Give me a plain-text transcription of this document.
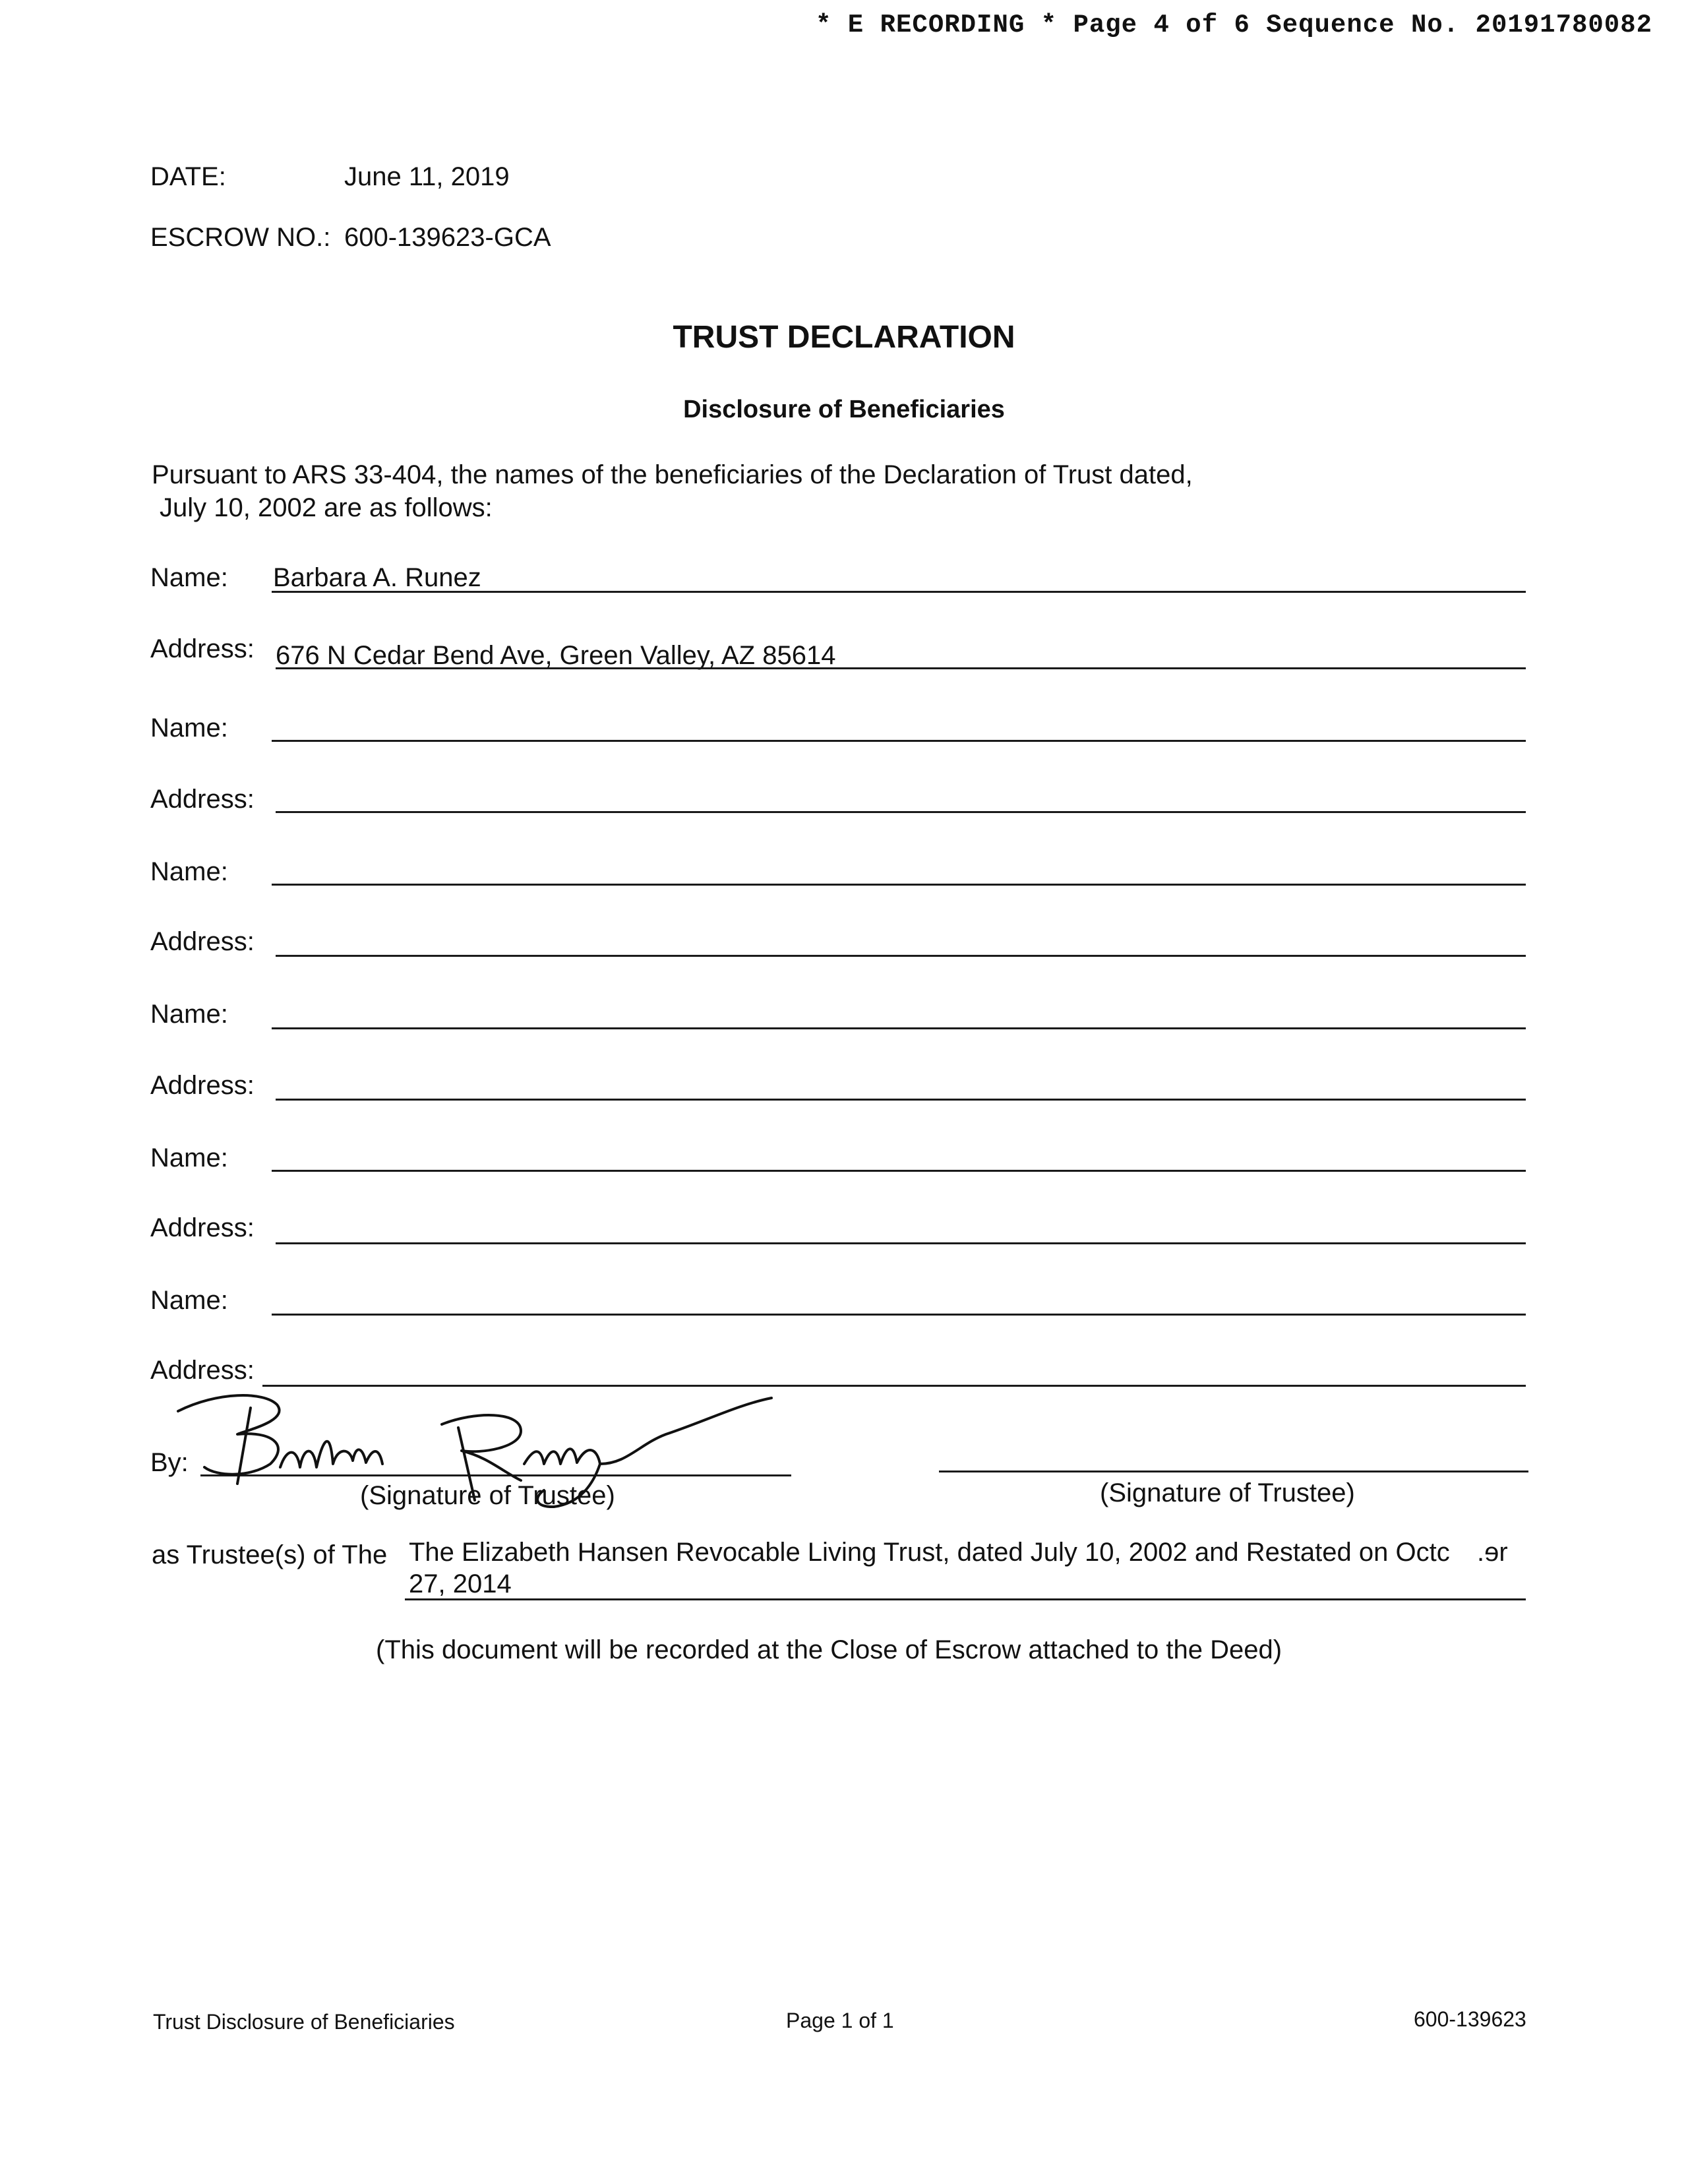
* E RECORDING * Page 4 of 6 Sequence No. 20191780082
DATE:	June 11, 2019
ESCROW NO.: 600-139623-GCA
TRUST DECLARATION
Disclosure of Beneficiaries
Pursuant to ARS 33-404, the names of the beneficiaries of the Declaration of Trust dated,
July 10, 2002 are as follows:
Name: Barbara A. Runez
Address: 676 N Cedar Bend Ave, Green Valley, AZ 85614
Name:
Address:
Name:
Address:
Name:
Address:
Name:
Address:
Name:
Address:
By:
(Signature of Trustee)	(Signature of Trustee)
as Trustee(s) of The The Elizabeth Hansen Revocable Living Trust, dated July 10, 2002 and Restated on Octc .ɘr
27, 2014
(This document will be recorded at the Close of Escrow attached to the Deed)
Trust Disclosure of Beneficiaries	Page 1 of 1	600-139623
